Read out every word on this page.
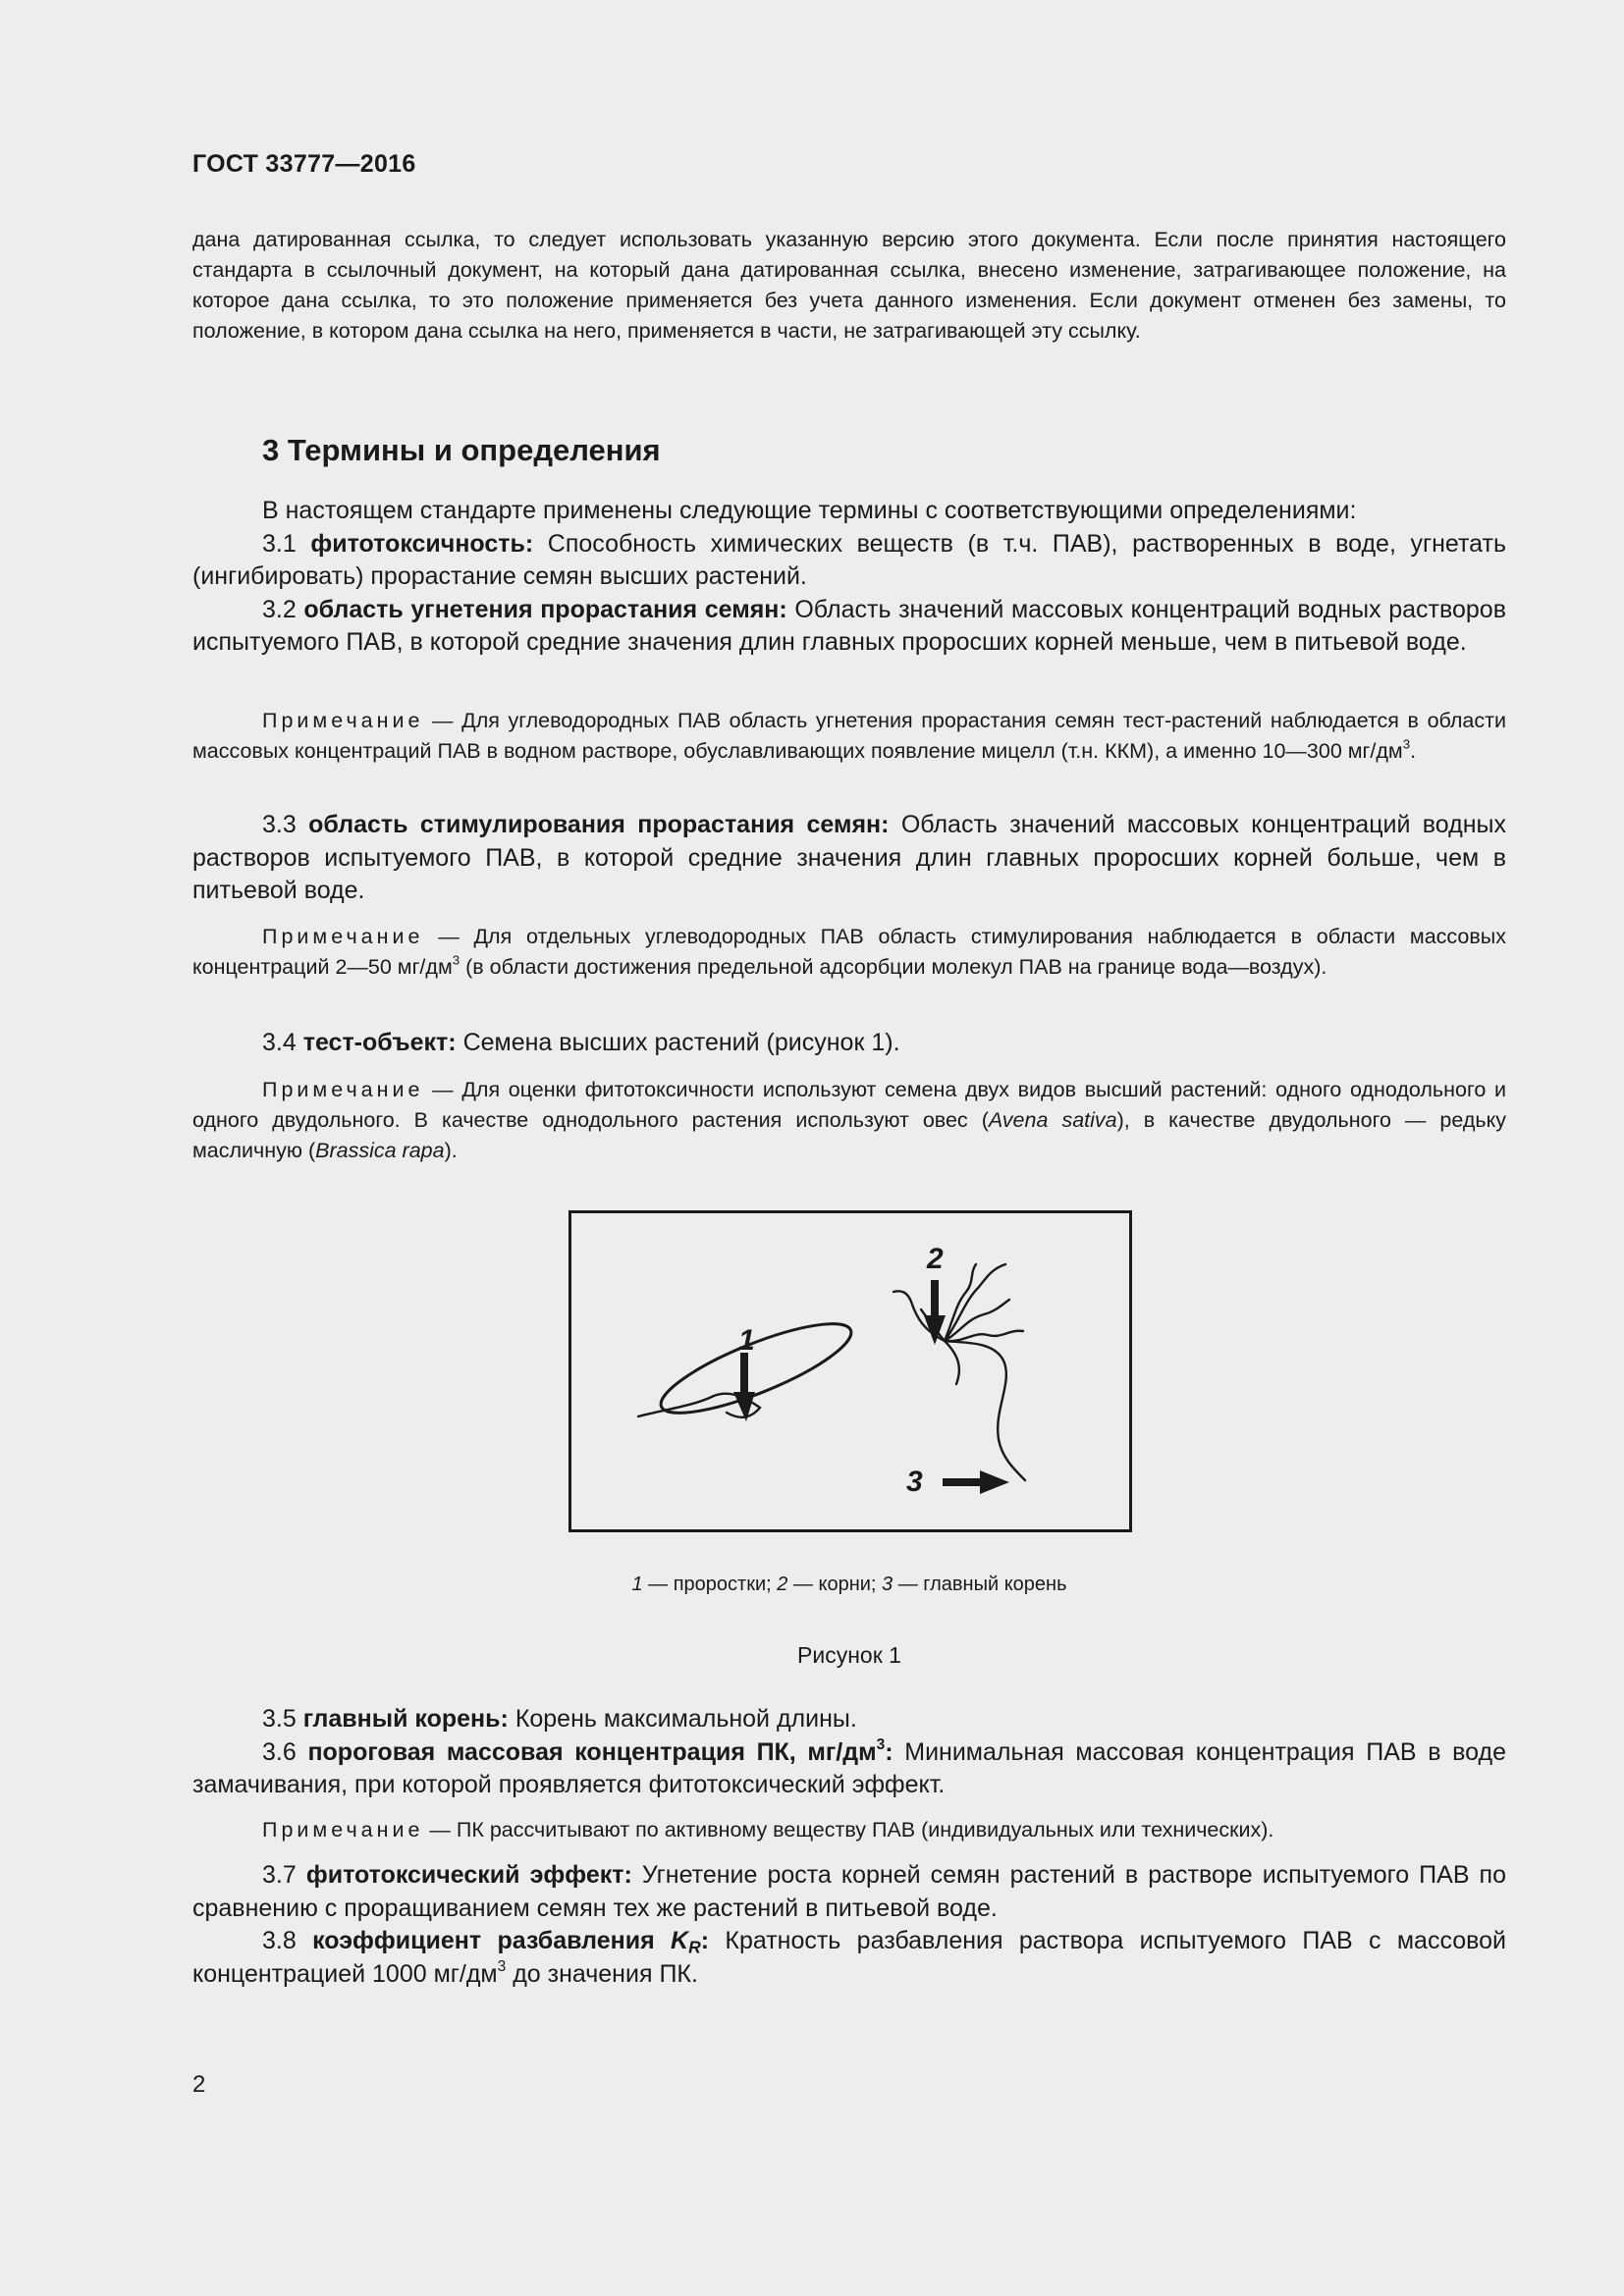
ГОСТ 33777—2016

дана датированная ссылка, то следует использовать указанную версию этого документа. Если после принятия настоящего стандарта в ссылочный документ, на который дана датированная ссылка, внесено изменение, затрагивающее положение, на которое дана ссылка, то это положение применяется без учета данного изменения. Если документ отменен без замены, то положение, в котором дана ссылка на него, применяется в части, не затрагивающей эту ссылку.

3 Термины и определения

В настоящем стандарте применены следующие термины с соответствующими определениями:

3.1 фитотоксичность: Способность химических веществ (в т.ч. ПАВ), растворенных в воде, угнетать (ингибировать) прорастание семян высших растений.

3.2 область угнетения прорастания семян: Область значений массовых концентраций водных растворов испытуемого ПАВ, в которой средние значения длин главных проросших корней меньше, чем в питьевой воде.

Примечание — Для углеводородных ПАВ область угнетения прорастания семян тест-растений наблюдается в области массовых концентраций ПАВ в водном растворе, обуславливающих появление мицелл (т.н. ККМ), а именно 10—300 $мг/дм^3$.

3.3 область стимулирования прорастания семян: Область значений массовых концентраций водных растворов испытуемого ПАВ, в которой средние значения длин главных проросших корней больше, чем в питьевой воде.

Примечание — Для отдельных углеводородных ПАВ область стимулирования наблюдается в области массовых концентраций 2—50 $мг/дм^3$ (в области достижения предельной адсорбции молекул ПАВ на границе вода—воздух).

3.4 тест-объект: Семена высших растений (рисунок 1).

Примечание — Для оценки фитотоксичности используют семена двух видов высший растений: одного однодольного и одного двудольного. В качестве однодольного растения используют овес (Avena sativa), в качестве двудольного — редьку масличную (Brassica rapa).

1
2
3
1 — проростки; 2 — корни; 3 — главный корень
Рисунок 1

3.5 главный корень: Корень максимальной длины.

3.6 пороговая массовая концентрация ПК, $мг/дм^3$: Минимальная массовая концентрация ПАВ в воде замачивания, при которой проявляется фитотоксический эффект.

Примечание — ПК рассчитывают по активному веществу ПАВ (индивидуальных или технических).

3.7 фитотоксический эффект: Угнетение роста корней семян растений в растворе испытуемого ПАВ по сравнению с проращиванием семян тех же растений в питьевой воде.

3.8 коэффициент разбавления $K_R$: Кратность разбавления раствора испытуемого ПАВ с массовой концентрацией 1000 $мг/дм^3$ до значения ПК.

2
